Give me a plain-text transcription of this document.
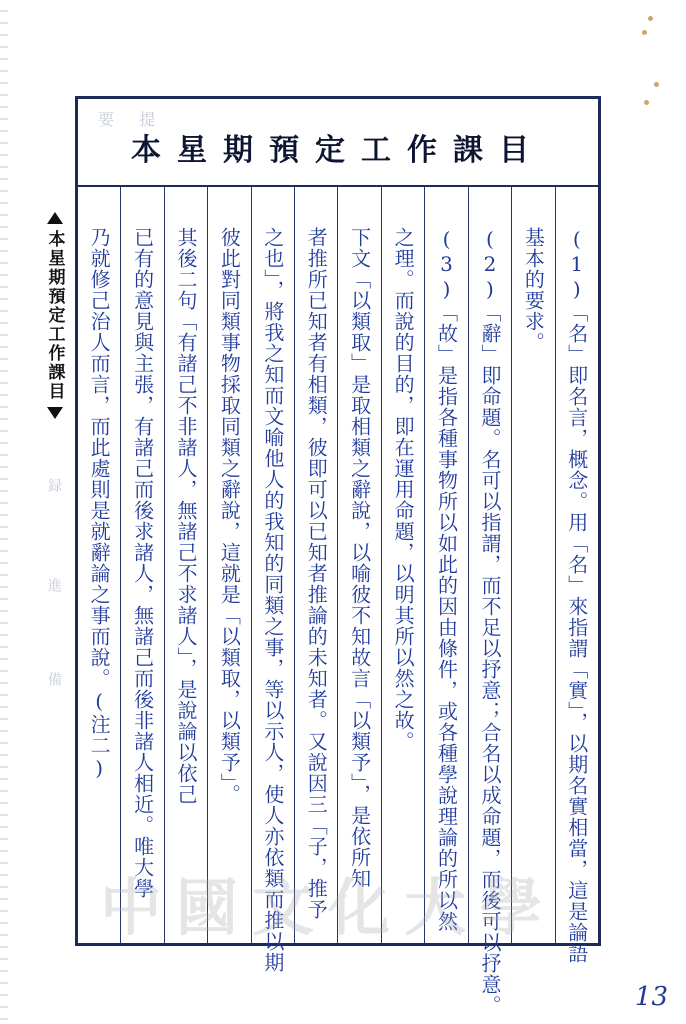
本星期預定工作課目
録
進
備
要 提
本星期預定工作課目
(1)「名」即名言，概念。用「名」來指謂「實」，以期名實相當，這是論語
基本的要求。
(2)「辭」即命題。名可以指謂，而不足以抒意；合名以成命題，而後可以抒意。
(3)「故」是指各種事物所以如此的因由條件，或各種學說理論的所以然
之理。而說的目的，即在運用命題，以明其所以然之故。
下文「以類取」是取相類之辭說，以喻彼不知故言「以類予」，是依所知
者推所已知者有相類，彼即可以已知者推論的未知者。又說因三「子，推予
之也」，將我之知而文喻他人的我知的同類之事，等以示人，使人亦依類而推以期
彼此對同類事物採取同類之辭說，這就是「以類取，以類予」。
其後二句「有諸己不非諸人，無諸己不求諸人」，是說論以依己
已有的意見與主張，有諸己而後求諸人，無諸己而後非諸人相近。唯大學
乃就修己治人而言，而此處則是就辭論之事而說。(注二)
中國文化大學
13
